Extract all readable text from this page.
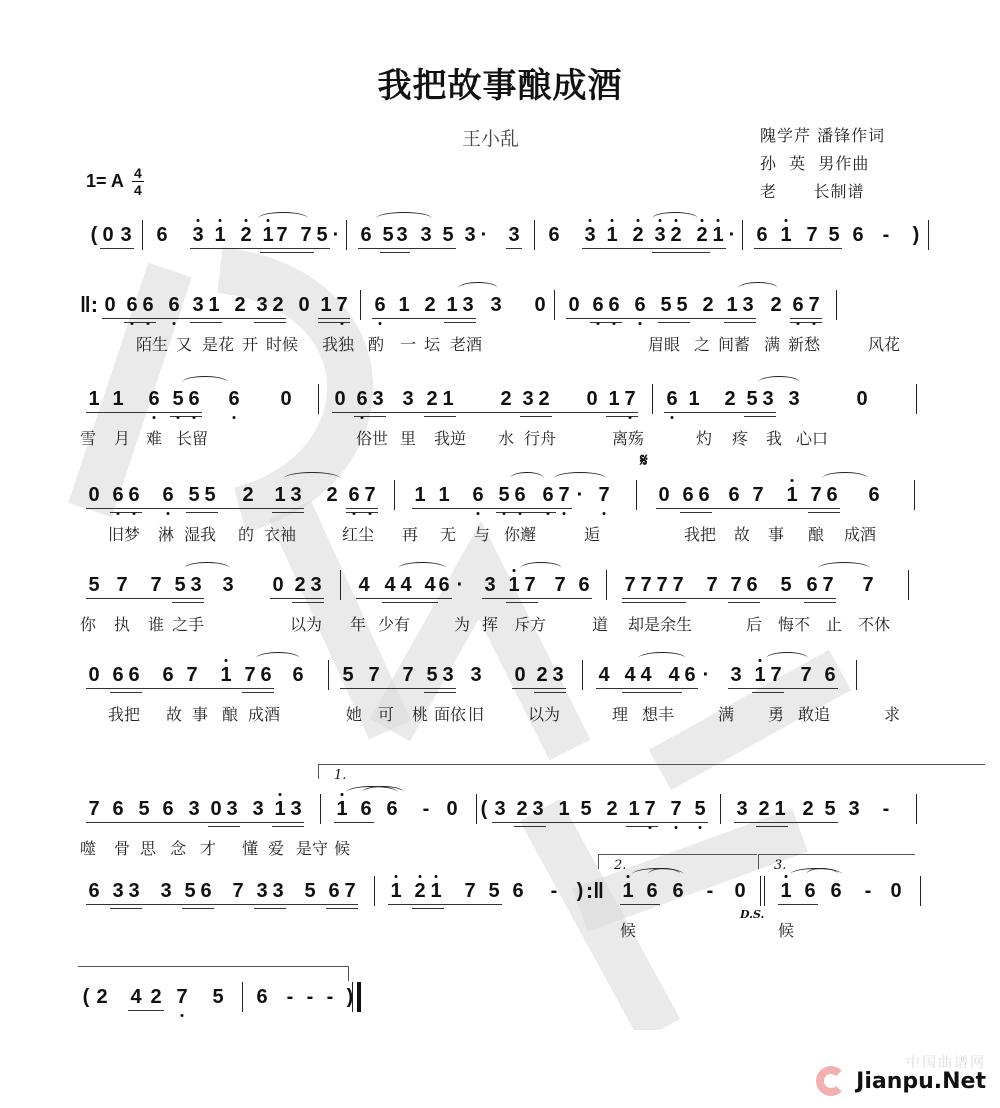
我把故事酿成酒
王小乱	隗学芹 潘锋作词
孙  英  男作曲
老      长制谱
1= A 4
4
( 0 3 6 3 1 2 1 7 7 5 · 6 5 3 3 5 3 · 3 6 3 1 2 3 2 2 1 · 6 1 7 5 6 - )
‖: 0 6 6 6 3 1 2 3 2 0 1 7 6 1 2 1 3 3 0 0 6 6 6 5 5 2 1 3 2 6 7
陌生 又 是花 开 时候 我独 酌 一 坛 老酒	眉眼 之 间蓄 满 新愁	风花
1 1 6 5 6 6 0 0 6 3 3 2 1 2 3 2 0 1 7 6 1 2 5 3 3	0
雪 月 难 长留	俗世 里 我逆 水 行舟	离殇	灼 疼 我 心口
0 6 6 6 5 5 2 1 3 2 6 7 1 1 6 5 6 6 7 · 7 0 6 6 6 7 1 7 6 6
𝄋
旧梦 淋 湿我 的 衣袖	红尘 再 无 与 你邂	逅	我把 故 事 酿 成酒
5 7 7 5 3 3 0 2 3 4 4 4 4 6 · 3 1 7 7 6 7 7 7 7 7 7 6 5 6 7 7
你 执 谁 之手	以为 年 少有	为 挥 斥方	道 却是余生	后 悔不 止 不休
0 6 6 6 7 1 7 6 6 5 7 7 5 3 3 0 2 3 4 4 4 4 6 · 3 1 7 7 6
我把 故 事 酿 成酒	她 可 桃 面依 旧	以为	理 想丰	满 勇 敢追	求
7 6 5 6 3 0 3 3 1 3 1 6 6 - 0 ( 3 2 3 1 5 2 1 7 7 5 3 2 1 2 5 3 -
1.
噬 骨 思 念 才 懂 爱 是守 候
6 3 3 3 5 6 7 3 3 5 6 7 1 2 1 7 5 6 - ) :‖ 1 6 6 - 0 1 6 6 - 0
2.	3.
D.S.
候	候
( 2 4 2 7 5 6 - - - )
中国曲谱网
Jianpu.Net
